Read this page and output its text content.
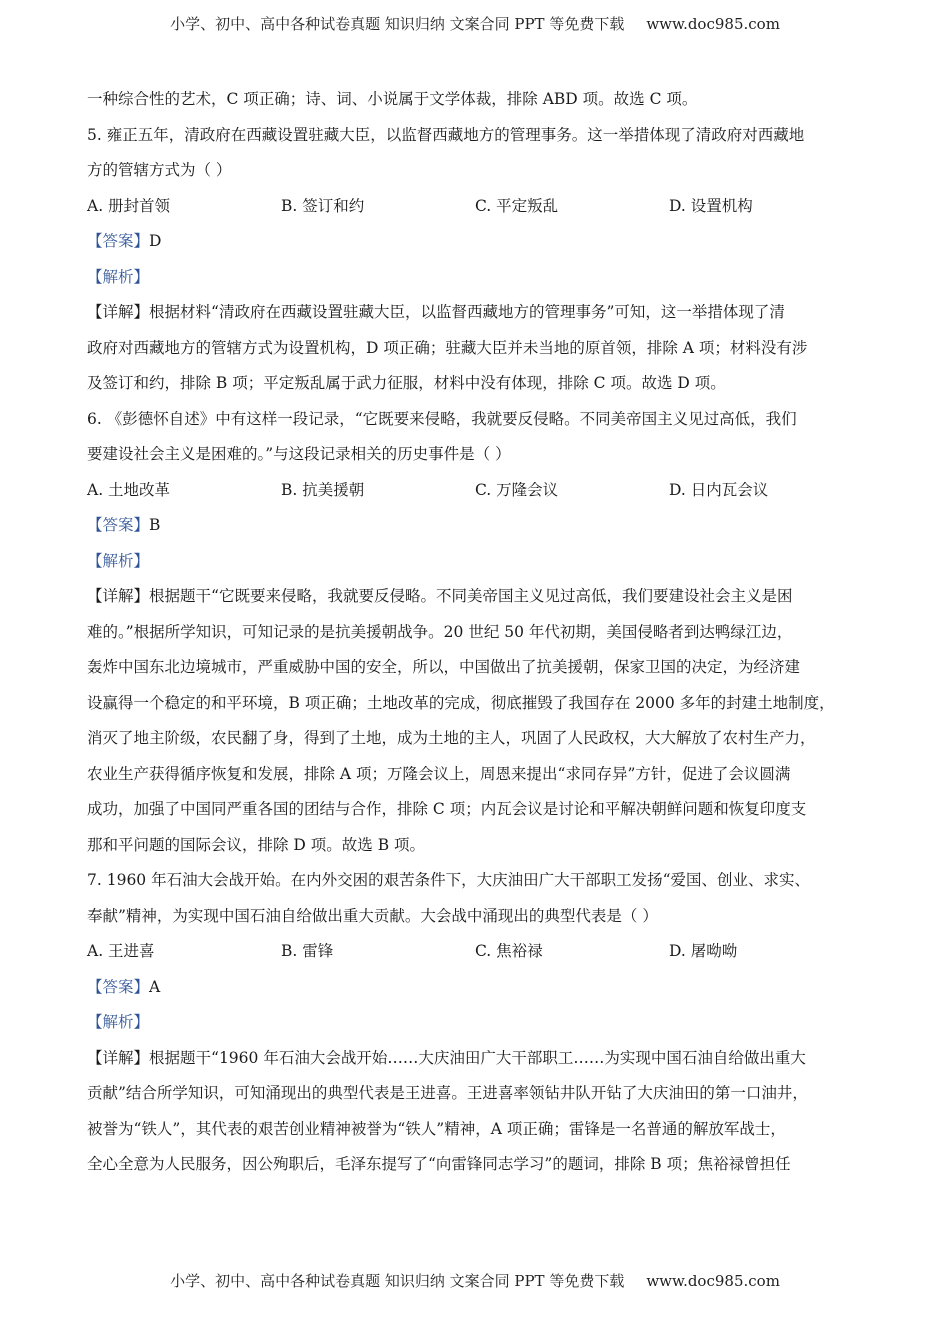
小学、初中、高中各种试卷真题 知识归纳 文案合同 PPT 等免费下载 www.doc985.com
一种综合性的艺术，C 项正确；诗、词、小说属于文学体裁，排除 ABD 项。故选 C 项。
5. 雍正五年，清政府在西藏设置驻藏大臣，以监督西藏地方的管理事务。这一举措体现了清政府对西藏地
方的管辖方式为（ ）
A. 册封首领	B. 签订和约	C. 平定叛乱	D. 设置机构
【答案】D
【解析】
【详解】根据材料“清政府在西藏设置驻藏大臣，以监督西藏地方的管理事务”可知，这一举措体现了清
政府对西藏地方的管辖方式为设置机构，D 项正确；驻藏大臣并未当地的原首领，排除 A 项；材料没有涉
及签订和约，排除 B 项；平定叛乱属于武力征服，材料中没有体现，排除 C 项。故选 D 项。
6. 《彭德怀自述》中有这样一段记录，“它既要来侵略，我就要反侵略。不同美帝国主义见过高低，我们
要建设社会主义是困难的。”与这段记录相关的历史事件是（ ）
A. 土地改革	B. 抗美援朝	C. 万隆会议	D. 日内瓦会议
【答案】B
【解析】
【详解】根据题干“它既要来侵略，我就要反侵略。不同美帝国主义见过高低，我们要建设社会主义是困
难的。”根据所学知识，可知记录的是抗美援朝战争。20 世纪 50 年代初期，美国侵略者到达鸭绿江边，
轰炸中国东北边境城市，严重威胁中国的安全，所以，中国做出了抗美援朝，保家卫国的决定，为经济建
设赢得一个稳定的和平环境，B 项正确；土地改革的完成，彻底摧毁了我国存在 2000 多年的封建土地制度，
消灭了地主阶级，农民翻了身，得到了土地，成为土地的主人，巩固了人民政权，大大解放了农村生产力，
农业生产获得循序恢复和发展，排除 A 项；万隆会议上，周恩来提出“求同存异”方针，促进了会议圆满
成功，加强了中国同严重各国的团结与合作，排除 C 项；内瓦会议是讨论和平解决朝鲜问题和恢复印度支
那和平问题的国际会议，排除 D 项。故选 B 项。
7. 1960 年石油大会战开始。在内外交困的艰苦条件下，大庆油田广大干部职工发扬“爱国、创业、求实、
奉献”精神，为实现中国石油自给做出重大贡献。大会战中涌现出的典型代表是（ ）
A. 王进喜	B. 雷锋	C. 焦裕禄	D. 屠呦呦
【答案】A
【解析】
【详解】根据题干“1960 年石油大会战开始……大庆油田广大干部职工……为实现中国石油自给做出重大
贡献”结合所学知识，可知涌现出的典型代表是王进喜。王进喜率领钻井队开钻了大庆油田的第一口油井，
被誉为“铁人”，其代表的艰苦创业精神被誉为“铁人”精神，A 项正确；雷锋是一名普通的解放军战士，
全心全意为人民服务，因公殉职后，毛泽东提写了“向雷锋同志学习”的题词，排除 B 项；焦裕禄曾担任
小学、初中、高中各种试卷真题 知识归纳 文案合同 PPT 等免费下载 www.doc985.com
